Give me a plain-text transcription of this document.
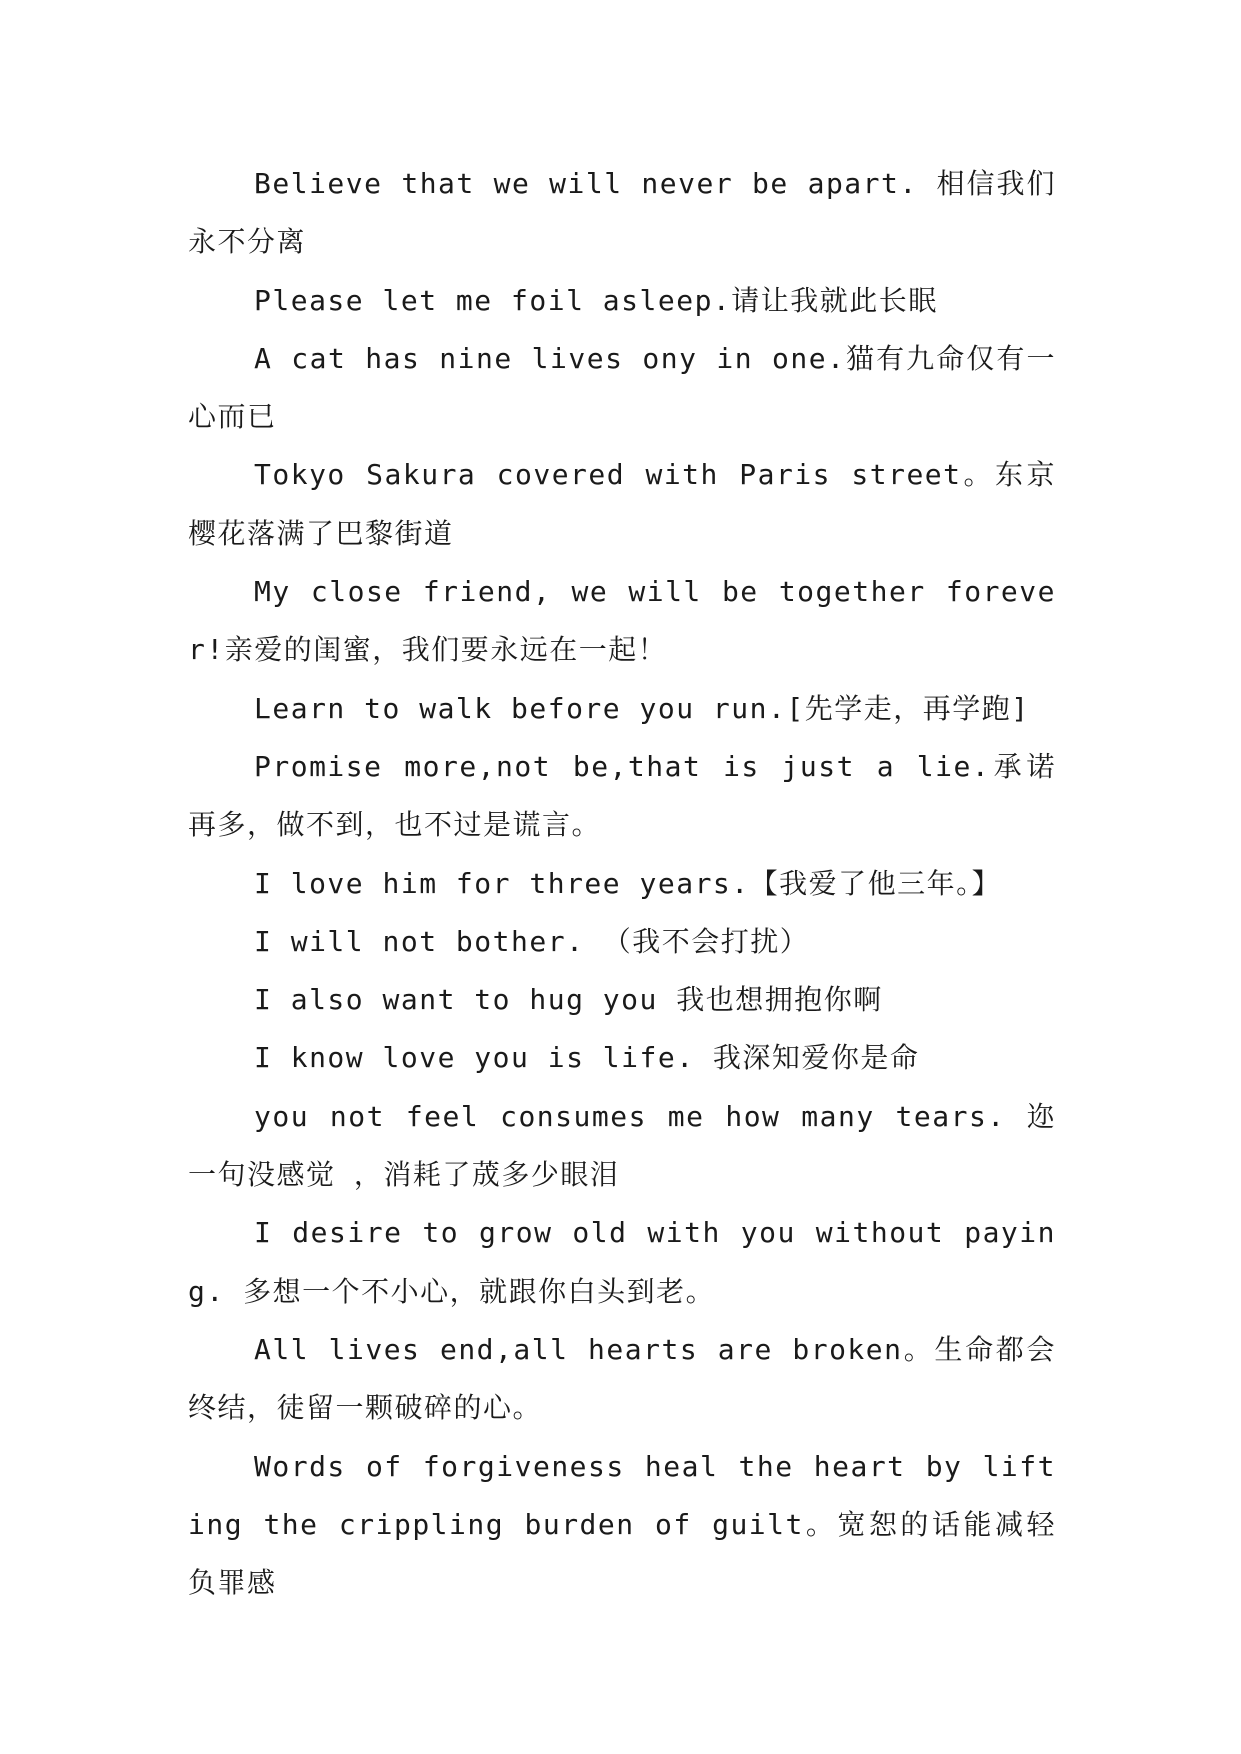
Believe that we will never be apart. 相信我们永不分离

Please let me foil asleep.请让我就此长眠

A cat has nine lives ony in one.猫有九命仅有一心而已

Tokyo Sakura covered with Paris street。东京樱花落满了巴黎街道

My close friend, we will be together forever!亲爱的闺蜜，我们要永远在一起！

Learn to walk before you run.[先学走，再学跑]

Promise more,not be,that is just a lie.承诺再多，做不到，也不过是谎言。

I love him for three years.【我爱了他三年。】

I will not bother. （我不会打扰）

I also want to hug you 我也想拥抱你啊

I know love you is life. 我深知爱你是命

you not feel consumes me how many tears. 迩一句没感觉 ，消耗了荿多少眼泪

I desire to grow old with you without paying. 多想一个不小心，就跟你白头到老。

All lives end,all hearts are broken。生命都会终结，徒留一颗破碎的心。

Words of forgiveness heal the heart by lifting the crippling burden of guilt。宽恕的话能减轻负罪感
